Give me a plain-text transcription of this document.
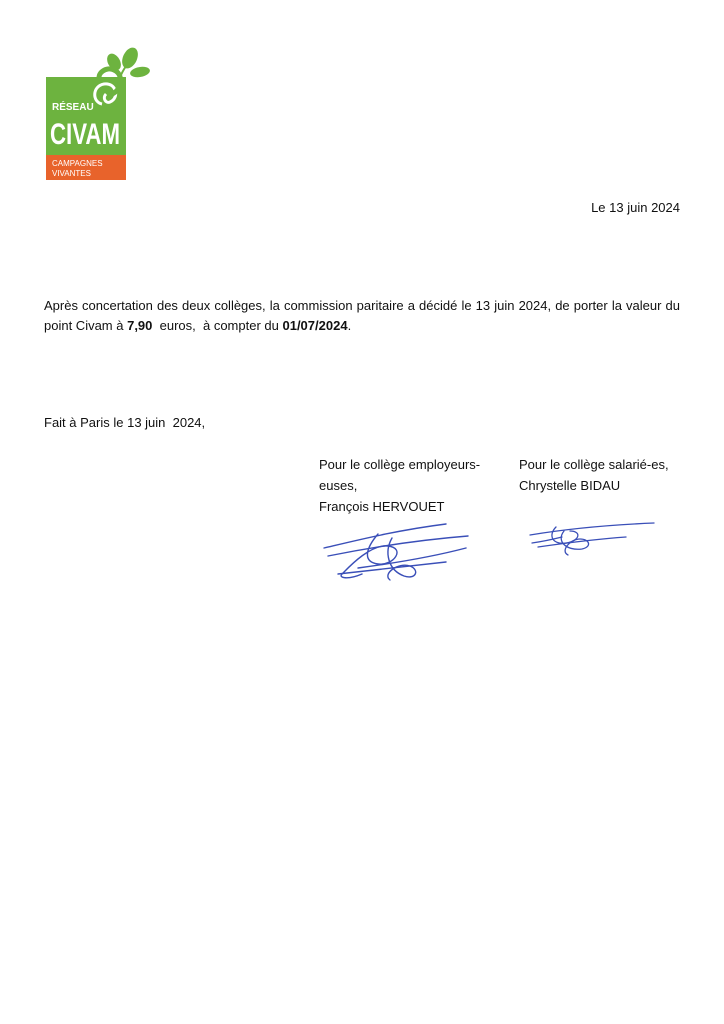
RÉSEAU
CIVAM
CAMPAGNES
VIVANTES
Le 13 juin 2024

Après concertation des deux collèges, la commission paritaire a décidé le 13 juin 2024, de porter la valeur du point Civam à 7,90  euros,  à compter du 01/07/2024.

Fait à Paris le 13 juin  2024,
Pour le collège employeurs-
euses,
François HERVOUET
Pour le collège salarié-es,
Chrystelle BIDAU
